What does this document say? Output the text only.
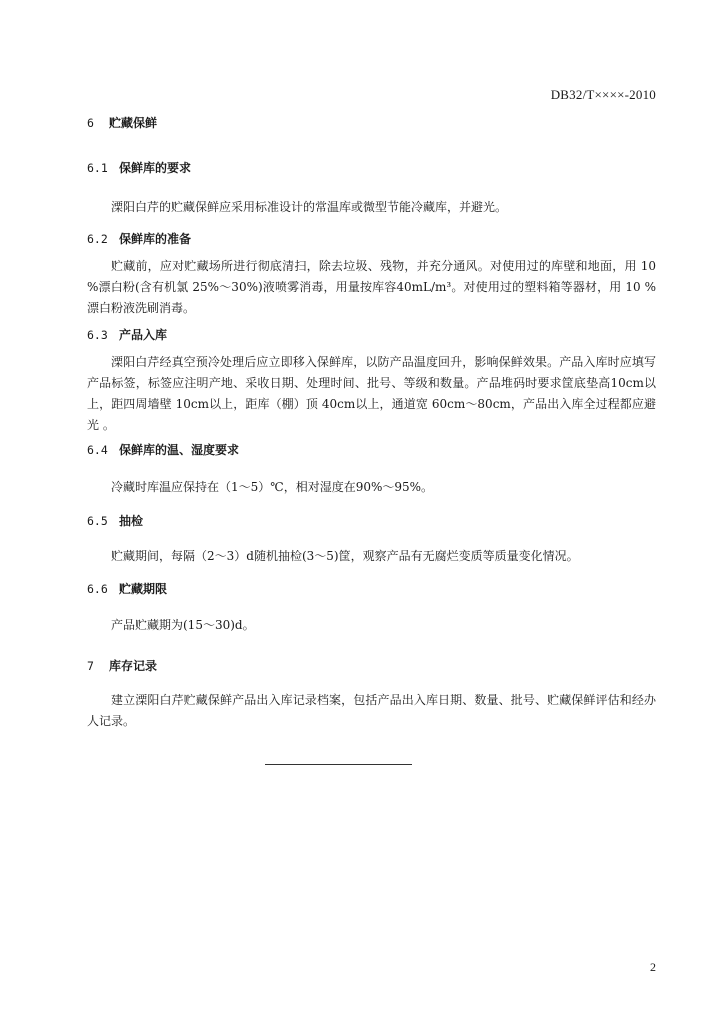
DB32/T××××-2010
6 贮藏保鲜
6.1 保鲜库的要求

溧阳白芹的贮藏保鲜应采用标准设计的常温库或微型节能冷藏库，并避光。

6.2 保鲜库的准备

贮藏前，应对贮藏场所进行彻底清扫，除去垃圾、残物，并充分通风。对使用过的库壁和地面，用 10 %漂白粉(含有机氯 25%～30%)液喷雾消毒，用量按库容40mL/m³。对使用过的塑料箱等器材，用 10 %漂白粉液洗刷消毒。

6.3 产品入库

溧阳白芹经真空预冷处理后应立即移入保鲜库，以防产品温度回升，影响保鲜效果。产品入库时应填写产品标签，标签应注明产地、采收日期、处理时间、批号、等级和数量。产品堆码时要求筐底垫高10cm以上，距四周墙壁 10cm以上，距库（棚）顶 40cm以上，通道宽 60cm～80cm，产品出入库全过程都应避光 。

6.4 保鲜库的温、湿度要求

冷藏时库温应保持在（1～5）℃，相对湿度在90%～95%。

6.5 抽检

贮藏期间，每隔（2～3）d随机抽检(3～5)筐，观察产品有无腐烂变质等质量变化情况。

6.6 贮藏期限

产品贮藏期为(15～30)d。

7 库存记录

建立溧阳白芹贮藏保鲜产品出入库记录档案，包括产品出入库日期、数量、批号、贮藏保鲜评估和经办人记录。

2
